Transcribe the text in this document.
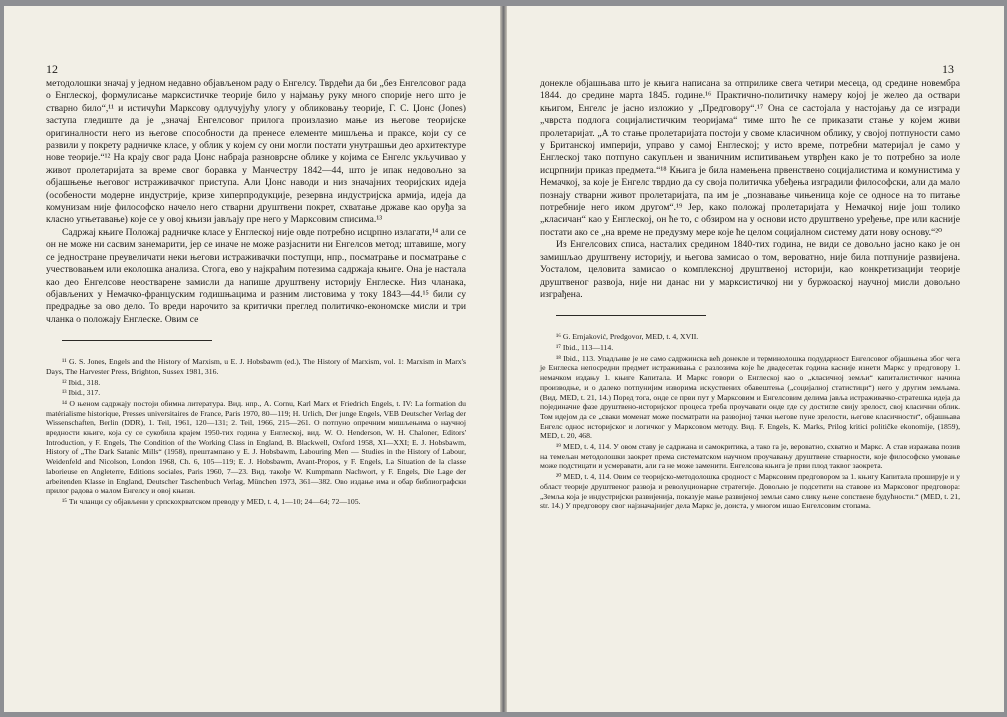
12

методолошки значај у једном недавно објављеном раду о Енгелсу. Тврдећи да би „без Енгелсовог рада о Енглеској, формулисање марксистичке теорије било у најмању руку много спорије него што је стварно било“,¹¹ и истичући Марксову одлучујућу улогу у обликовању теорије, Г. С. Џонс (Jones) заступа гледиште да је „значај Енгелсовог прилога произлазио мање из његове теоријске оригиналности него из његове способности да пренесе елементе мишљења и праксе, који су се развили у покрету радничке класе, у облик у којем су они могли постати унутрашњи део архитектуре нове теорије.“¹² На крају свог рада Џонс набраја разноврсне облике у којима се Енгелс укључивао у живот пролетаријата за време свог боравка у Манчестру 1842—44, што је ипак недовољно за објашњење његовог истраживачког приступа. Али Џонс наводи и низ значајних теоријских идеја (особености модерне индустрије, кризе хиперпродукције, резервна индустријска армија, идеја да комунизам није философско начело него стварни друштвени покрет, схватање државе као оруђа за класно угњетавање) које се у овој књизи јављају пре него у Марксовим списима.¹³

Садржај књиге Положај радничке класе у Енглеској није овде потребно исцрпно излагати,¹⁴ али се он не може ни сасвим занемарити, јер се иначе не може разјаснити ни Енгелсов метод; штавише, могу се једностране преувеличати неки његови истраживачки поступци, нпр., посматрање и посматрање с учествовањем или еколошка анализа. Стога, ево у најкраћим потезима садржаја књиге. Она је настала као део Енгелсове неостварене замисли да напише друштвену историју Енглеске. Низ чланака, објављених у Немачко-француским годишњацима и разним листовима у току 1843—44.¹⁵ били су предрадње за ово дело. То вреди нарочито за критички преглед политичко-економске мисли и три чланка о положају Енглеске. Овим се

¹¹ G. S. Jones, Engels and the History of Marxism, u E. J. Hobsbawm (ed.), The History of Marxism, vol. 1: Marxism in Marx's Days, The Harvester Press, Brighton, Sussex 1981, 316.

¹² Ibid., 318.

¹³ Ibid., 317.

¹⁴ О њеном садржају постоји обимна литература. Вид. нпр., A. Cornu, Karl Marx et Friedrich Engels, t. IV: La formation du matérialisme historique, Presses universitaires de France, Paris 1970, 80—119; H. Urlich, Der junge Engels, VEB Deutscher Verlag der Wissenschaften, Berlin (DDR), 1. Teil, 1961, 120—131; 2. Teil, 1966, 215—261. О потпуно опречним мишљењима о научној вредности књиге, која су се сукобила крајем 1950-тих година у Енглеској, вид. W. O. Henderson, W. H. Chaloner, Editors' Introduction, у F. Engels, The Condition of the Working Class in England, B. Blackwell, Oxford 1958, XI—XXI; E. J. Hobsbawm, History of „The Dark Satanic Mills“ (1958), прештампано у E. J. Hobsbawm, Labouring Men — Studies in the History of Labour, Weidenfeld and Nicolson, London 1968, Ch. 6, 105—119; E. J. Hobsbawm, Avant-Propos, у F. Engels, La Situation de la classe laborieuse en Angleterre, Editions sociales, Paris 1960, 7—23. Вид. такође W. Kumpmann Nachwort, у F. Engels, Die Lage der arbeitenden Klasse in England, Deutscher Taschenbuch Verlag, München 1973, 361—382. Ово издање има и обар библиографски прилог радова о малом Енгелсу и овој књизи.

¹⁵ Ти чланци су објављени у српскохрватском преводу у MED, t. 4, 1—10; 24—64; 72—105.

13

донекле објашњава што је књига написана за отприлике свега четири месеца, од средине новембра 1844. до средине марта 1845. године.¹⁶ Практично-политичку намеру којој је желео да оствари књигом, Енгелс је јасно изложио у „Предговору“.¹⁷ Она се састојала у настојању да се изгради „чврста подлога социјалистичким теоријама“ тиме што ће се приказати стање у којем живи пролетаријат. „А то стање пролетаријата постоји у своме класичном облику, у својој потпуности само у Британској империји, управо у самој Енглеској; у исто време, потребни материјал је само у Енглеској тако потпуно сакупљен и званичним испитивањем утврђен како је то потребно за иоле исцрпнији приказ предмета.“¹⁸ Књига је била намењена првенствено социјалистима и комунистима у Немачкој, за које је Енгелс тврдио да су своја политичка убеђења изградили философски, али да мало познају стварни живот пролетаријата, па им је „познавање чињеница које се односе на то питање потребније него иком другом“.¹⁹ Јер, како положај пролетаријата у Немачкој није још толико „класичан“ као у Енглеској, он ће то, с обзиром на у основи исто друштвено уређење, пре или касније постати ако се „на време не предузму мере које ће целом социјалном систему дати нову основу.“²⁰

Из Енгелсових списа, насталих средином 1840-тих година, не види се довољно јасно како је он замишљао друштвену историју, и његова замисао о том, вероватно, није била потпуније развијена. Уосталом, целовита замисао о комплексној друштвеној историји, као конкретизацији теорије друштвеног развоја, није ни данас ни у марксистичкој ни у буржоаској научној мисли довољно изграђена.

¹⁶ G. Ernjaković, Predgovor, MED, t. 4, XVII.

¹⁷ Ibid., 113—114.

¹⁸ Ibid., 113. Упадљиве је не само садржинска већ донекле и терминолошка подударност Енгелсовог објашњења због чега је Енглеска непосредни предмет истраживања с разлозима које ће двадесетак година касније изнети Маркс у предговору 1. немачком издању 1. књиге Капитала. И Маркс говори о Енглеској као о „класичној земљи“ капиталистичког начина производње, и о далеко потпунијим изворима искуствених обавештења („социјалној статистици“) него у другим земљама. (Вид. MED, t. 21, 14.) Поред тога, онде се први пут у Марксовим и Енгелсовим делима јавља истраживачко-стратешка идеја да појединачне фазе друштвено-историјског процеса треба проучавати онде где су достигле свију зрелост, свој класични облик. Том идејом да се „сваки моменат може посматрати на развојној тачки његове пуне зрелости, његове класичности“, објашњава Енгелс однос историјског и логичког у Марксовом методу. Вид. F. Engels, K. Marks, Prilog kritici političke ekonomije, (1859), MED, t. 20, 468.

¹⁹ MED, t. 4, 114. У овом ставу је садржана и самокритика, а тако га је, вероватно, схватио и Маркс. А став изражава позив на темељан методолошки заокрет према систематском научном проучавању друштвене стварности, које философско умовање може подстицати и усмеравати, али га не може заменити. Енгелсова књига је први плод таквог заокрета.

²⁰ MED, t. 4, 114. Овим се теоријско-методолошка сродност с Марксовим предговором за 1. књигу Капитала проширује и у област теорије друштвеног развоја и револуционарне стратегије. Довољно је подсетити на ставове из Марксовог предговора: „Земља која је индустријски развијенија, показује мање развијеној земљи само слику њене сопствене будућности.“ (MED, t. 21, str. 14.) У предговору свог најзначајнијег дела Маркс је, доиста, у многом ишао Енгелсовим стопама.
